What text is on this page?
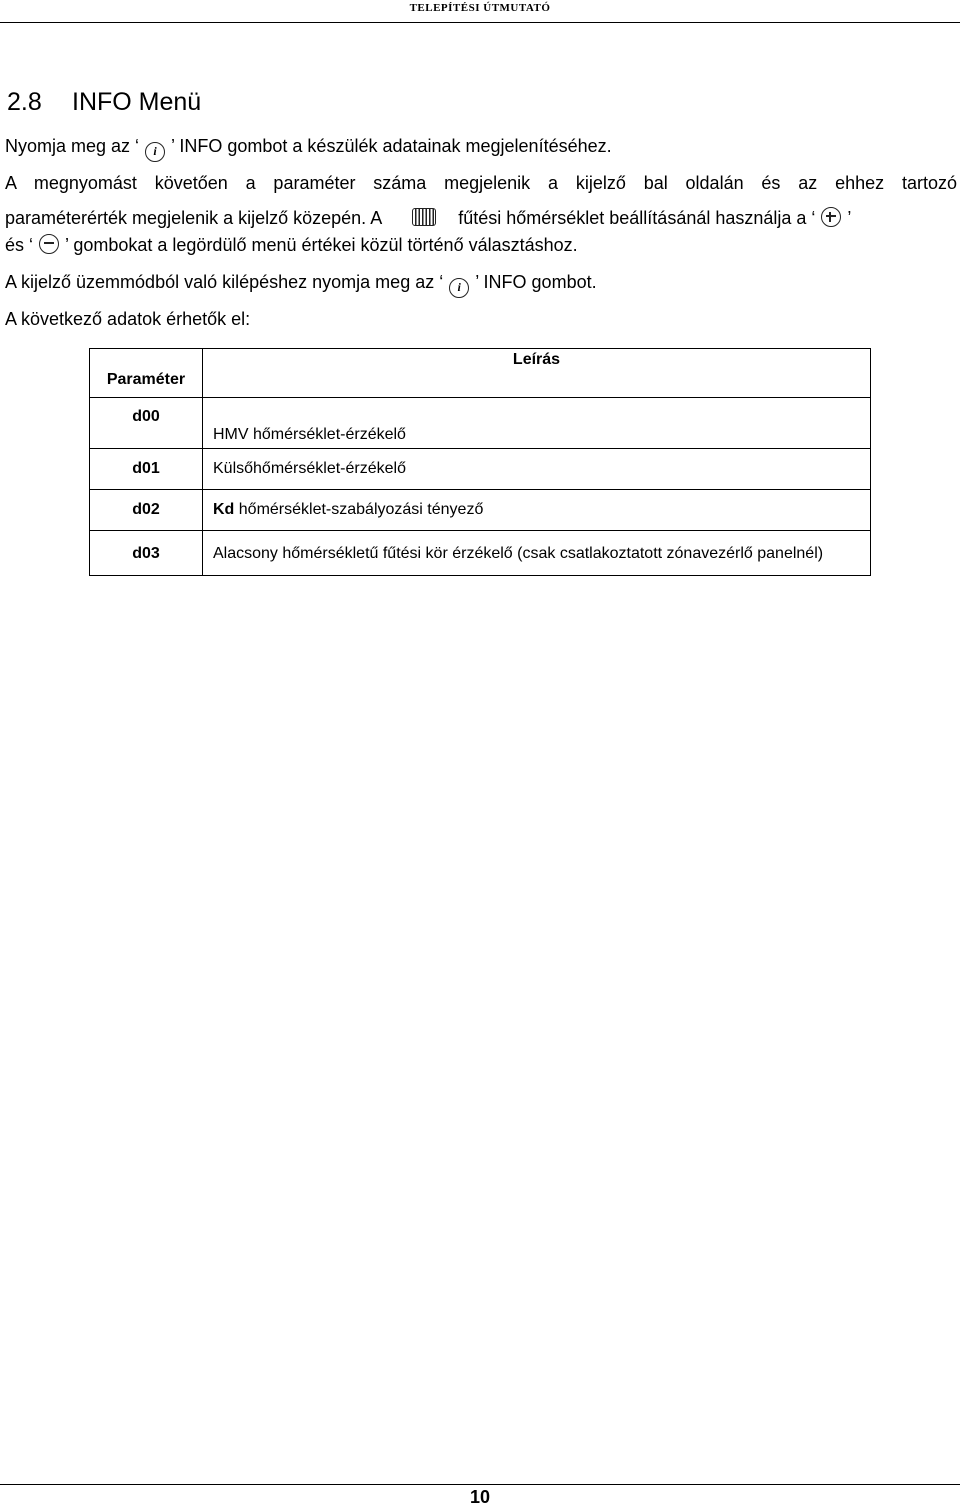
TELEPÍTÉSI ÚTMUTATÓ
2.8 INFO Menü
Nyomja meg az ‘ i ’ INFO gombot a készülék adatainak megjelenítéséhez.
A megnyomást követően a paraméter száma megjelenik a kijelző bal oldalán és az ehhez tartozó
paraméterérték megjelenik a kijelző közepén. A	fűtési hőmérséklet beállításánál használja a ‘ ’
és ‘ ’ gombokat a legördülő menü értékei közül történő választáshoz.
A kijelző üzemmódból való kilépéshez nyomja meg az ‘ i ’ INFO gombot.
A következő adatok érhetők el:
Paraméter	Leírás
d00	HMV hőmérséklet-érzékelő
d01	Külsőhőmérséklet-érzékelő
d02	Kd hőmérséklet-szabályozási tényező
d03	Alacsony hőmérsékletű fűtési kör érzékelő (csak csatlakoztatott zónavezérlő panelnél)
10
